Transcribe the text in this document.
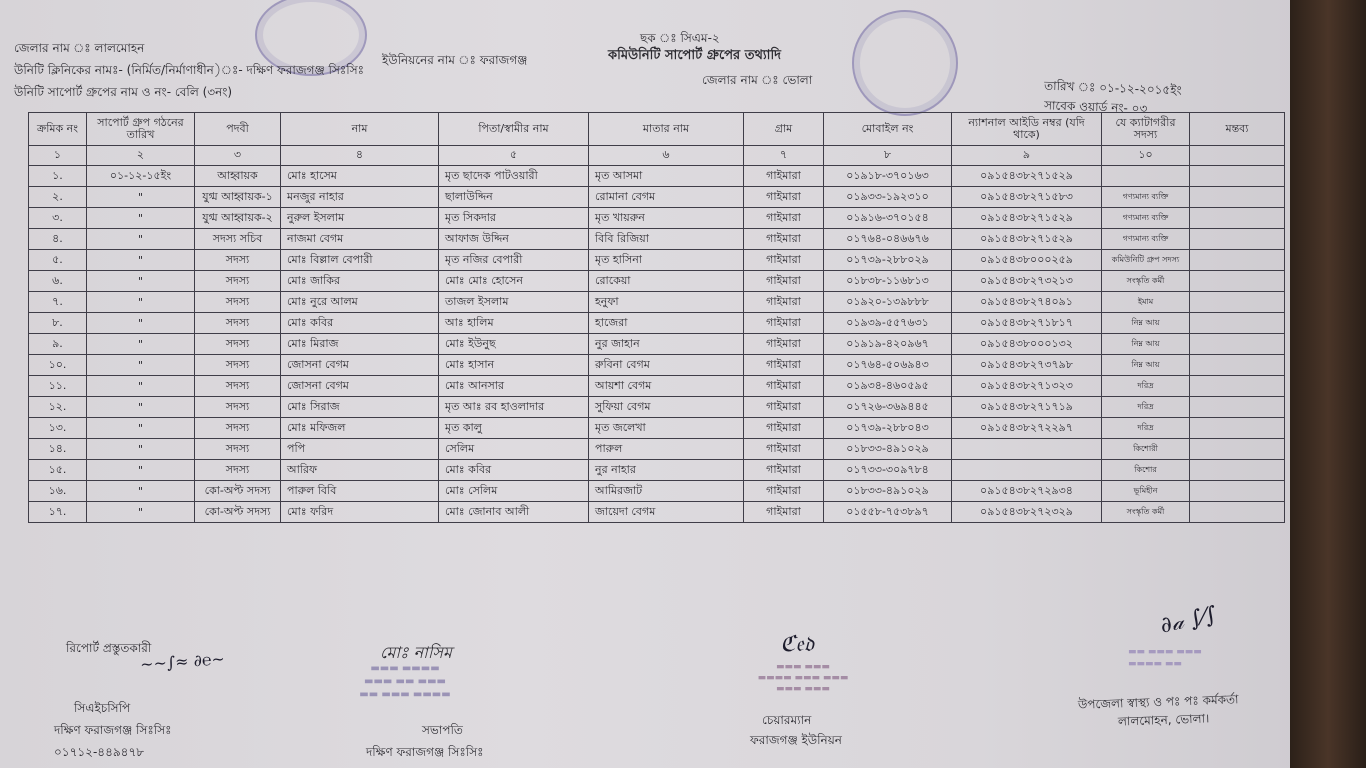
ছক ঃ সিএম-২
কমিউনিটি সাপোর্ট গ্রুপের তথ্যাদি
জেলার নাম ঃ লালমোহন
ইউনিয়নের নাম ঃ ফরাজগঞ্জ
উনিটি ক্লিনিকের নামঃ- (নির্মিত/নির্মাণাধীন)ঃ- দক্ষিণ ফরাজগঞ্জ সিঃসিঃ
জেলার নাম ঃ ভোলা	তারিখ ঃ ০১-১২-২০১৫ইং
উনিটি সাপোর্ট গ্রুপের নাম ও নং- বেলি (৩নং)
সাবেক ওয়ার্ড নং- ০৩
ক্রমিক নং	সাপোর্ট গ্রুপ গঠনের তারিখ	পদবী	নাম	পিতা/স্বামীর নাম	মাতার নাম	গ্রাম	মোবাইল নং	ন্যাশনাল আইডি নম্বর (যদি থাকে)	যে ক্যাটাগরীর সদস্য	মন্তব্য
১	২	৩	৪	৫	৬	৭	৮	৯	১০	
১.	০১-১২-১৫ইং	আহ্বায়ক	মোঃ হাসেম	মৃত ছাদেক পাটওয়ারী	মৃত আসমা	গাইমারা	০১৯১৮-৩৭০১৬৩	০৯১৫৪৩৮২৭১৫২৯		
২.	"	যুগ্ম আহ্বায়ক-১	মনজুর নাহার	ছালাউদ্দিন	রোমানা বেগম	গাইমারা	০১৯৩৩-১৯২৩১০	০৯১৫৪৩৮২৭১৫৮৩	গণ্যমান্য ব্যক্তি	
৩.	"	যুগ্ম আহ্বায়ক-২	নুরুল ইসলাম	মৃত সিকদার	মৃত খায়রুন	গাইমারা	০১৯১৬-৩৭০১৫৪	০৯১৫৪৩৮২৭১৫২৯	গণ্যমান্য ব্যক্তি	
৪.	"	সদস্য সচিব	নাজমা বেগম	আফাজ উদ্দিন	বিবি রিজিয়া	গাইমারা	০১৭৬৪-০৪৬৬৭৬	০৯১৫৪৩৮২৭১৫২৯	গণ্যমান্য ব্যক্তি	
৫.	"	সদস্য	মোঃ বিল্লাল বেপারী	মৃত নজির বেপারী	মৃত হাসিনা	গাইমারা	০১৭৩৯-২৮৮০২৯	০৯১৫৪৩৮০০০২৫৯	কমিউনিটি গ্রুপ সদস্য	
৬.	"	সদস্য	মোঃ জাকির	মোঃ মোঃ হোসেন	রোকেয়া	গাইমারা	০১৮৩৮-১১৬৮১৩	০৯১৫৪৩৮২৭৩২১৩	সংস্কৃতি কর্মী	
৭.	"	সদস্য	মোঃ নুরে আলম	তাজল ইসলাম	হনুফা	গাইমারা	০১৯২০-১৩৯৮৮৮	০৯১৫৪৩৮২৭৪০৯১	ইমাম	
৮.	"	সদস্য	মোঃ কবির	আঃ হালিম	হাজেরা	গাইমারা	০১৯৩৯-৫৫৭৬৩১	০৯১৫৪৩৮২৭১৮১৭	নিম্ন আয়	
৯.	"	সদস্য	মোঃ মিরাজ	মোঃ ইউনুছ	নুর জাহান	গাইমারা	০১৯১৯-৪২০৯৬৭	০৯১৫৪৩৮০০০১৩২	নিম্ন আয়	
১০.	"	সদস্য	জোসনা বেগম	মোঃ হাসান	রুবিনা বেগম	গাইমারা	০১৭৬৪-৫০৬৯৪৩	০৯১৫৪৩৮২৭৩৭৯৮	নিম্ন আয়	
১১.	"	সদস্য	জোসনা বেগম	মোঃ আনসার	আয়শা বেগম	গাইমারা	০১৯৩৪-৪৬০৫৯৫	০৯১৫৪৩৮২৭১৩২৩	দরিদ্র	
১২.	"	সদস্য	মোঃ সিরাজ	মৃত আঃ রব হাওলাদার	সুফিয়া বেগম	গাইমারা	০১৭২৬-৩৬৯৪৪৫	০৯১৫৪৩৮২৭১৭১৯	দরিদ্র	
১৩.	"	সদস্য	মোঃ মফিজল	মৃত কালু	মৃত জলেখা	গাইমারা	০১৭৩৯-২৮৮০৪৩	০৯১৫৪৩৮২৭২২৯৭	দরিদ্র	
১৪.	"	সদস্য	পপি	সেলিম	পারুল	গাইমারা	০১৮৩৩-৪৯১০২৯		কিশোরী	
১৫.	"	সদস্য	আরিফ	মোঃ কবির	নুর নাহার	গাইমারা	০১৭৩৩-৩০৯৭৮৪		কিশোর	
১৬.	"	কো-অপ্ট সদস্য	পারুল বিবি	মোঃ সেলিম	আমিরজাট	গাইমারা	০১৮৩৩-৪৯১০২৯	০৯১৫৪৩৮২৭২৯৩৪	ভূমিহীন	
১৭.	"	কো-অপ্ট সদস্য	মোঃ ফরিদ	মোঃ জোনাব আলী	জায়েদা বেগম	গাইমারা	০১৫৫৮-৭৫৩৮৯৭	০৯১৫৪৩৮২৭২৩২৯	সংস্কৃতি কর্মী	
রিপোর্ট প্রস্তুতকারী
~~∫≈ ∂℮~
সিএইচসিপি
দক্ষিণ ফরাজগঞ্জ সিঃসিঃ
০১৭১২-৪৪৯৪৭৮
মোঃ নাসিম
▬▬▬ ▬▬▬▬
▬▬▬ ▬▬ ▬▬▬
▬▬ ▬▬▬ ▬▬▬▬
সভাপতি
দক্ষিণ ফরাজগঞ্জ সিঃসিঃ
ℭ𝔢𝔡
▬▬▬ ▬▬▬
▬▬▬▬ ▬▬▬ ▬▬▬
▬▬▬ ▬▬▬
চেয়ারম্যান
ফরাজগঞ্জ ইউনিয়ন
∂𝒶 ∫⁄∫
▬▬ ▬▬▬ ▬▬▬
▬▬▬▬ ▬▬
উপজেলা স্বাস্থ্য ও পঃ পঃ কর্মকর্তা
লালমোহন, ভোলা।
